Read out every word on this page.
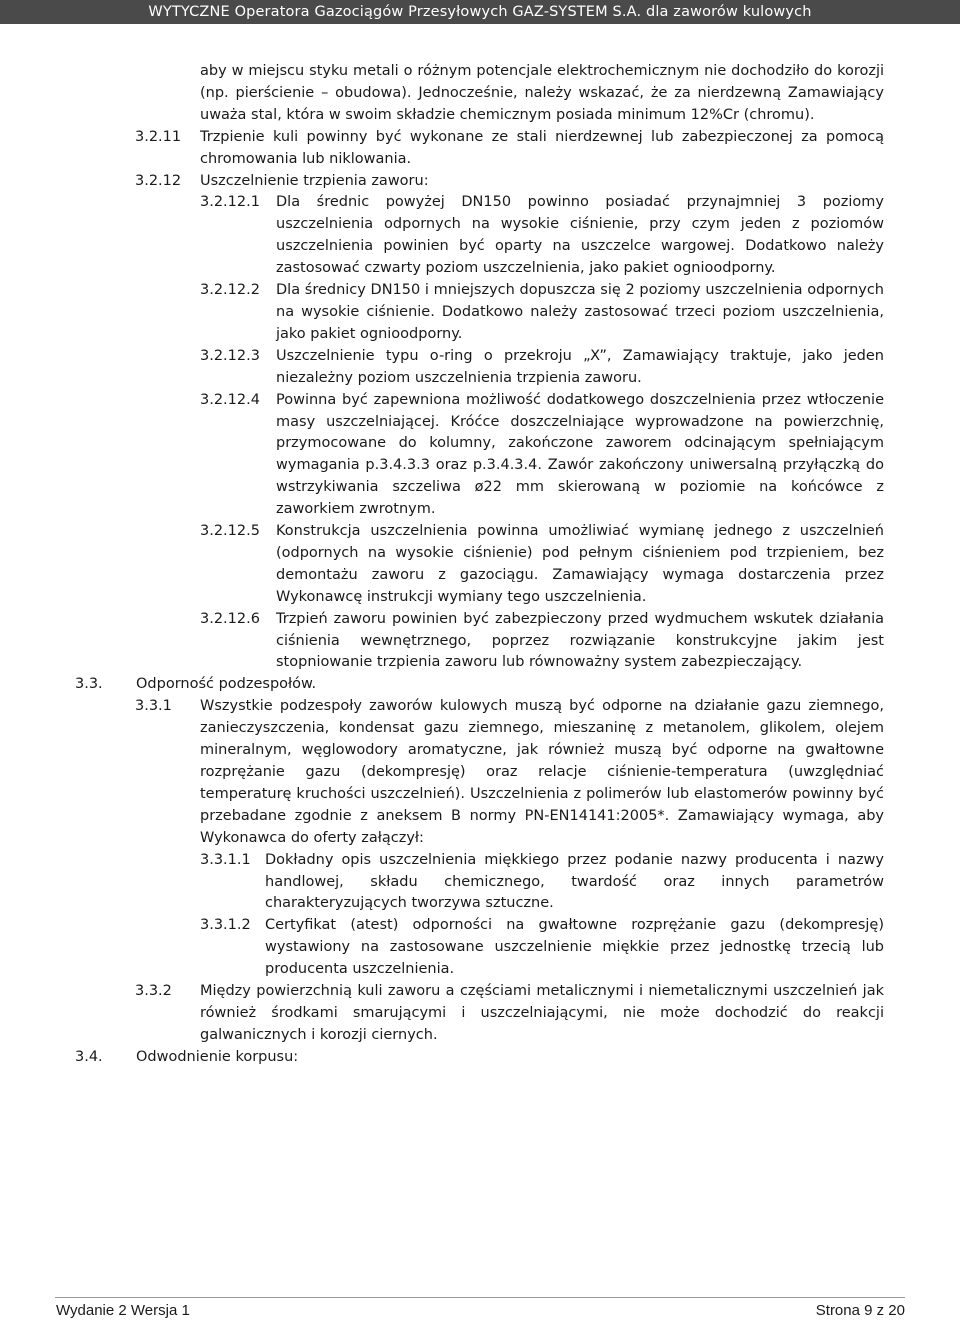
WYTYCZNE Operatora Gazociągów Przesyłowych GAZ-SYSTEM S.A. dla zaworów kulowych
aby w miejscu styku metali o różnym potencjale elektrochemicznym nie dochodziło do korozji (np. pierścienie – obudowa). Jednocześnie, należy wskazać, że za nierdzewną Zamawiający uważa stal, która w swoim składzie chemicznym posiada minimum 12%Cr (chromu).
3.2.11 Trzpienie kuli powinny być wykonane ze stali nierdzewnej lub zabezpieczonej za pomocą chromowania lub niklowania.
3.2.12 Uszczelnienie trzpienia zaworu:
3.2.12.1 Dla średnic powyżej DN150 powinno posiadać przynajmniej 3 poziomy uszczelnienia odpornych na wysokie ciśnienie, przy czym jeden z poziomów uszczelnienia powinien być oparty na uszczelce wargowej. Dodatkowo należy zastosować czwarty poziom uszczelnienia, jako pakiet ognioodporny.
3.2.12.2 Dla średnicy DN150 i mniejszych dopuszcza się 2 poziomy uszczelnienia odpornych na wysokie ciśnienie. Dodatkowo należy zastosować trzeci poziom uszczelnienia, jako pakiet ognioodporny.
3.2.12.3 Uszczelnienie typu o-ring o przekroju „X”, Zamawiający traktuje, jako jeden niezależny poziom uszczelnienia trzpienia zaworu.
3.2.12.4 Powinna być zapewniona możliwość dodatkowego doszczelnienia przez wtłoczenie masy uszczelniającej. Króćce doszczelniające wyprowadzone na powierzchnię, przymocowane do kolumny, zakończone zaworem odcinającym spełniającym wymagania p.3.4.3.3 oraz p.3.4.3.4. Zawór zakończony uniwersalną przyłączką do wstrzykiwania szczeliwa ø22 mm skierowaną w poziomie na końcówce z zaworkiem zwrotnym.
3.2.12.5 Konstrukcja uszczelnienia powinna umożliwiać wymianę jednego z uszczelnień (odpornych na wysokie ciśnienie) pod pełnym ciśnieniem pod trzpieniem, bez demontażu zaworu z gazociągu. Zamawiający wymaga dostarczenia przez Wykonawcę instrukcji wymiany tego uszczelnienia.
3.2.12.6 Trzpień zaworu powinien być zabezpieczony przed wydmuchem wskutek działania ciśnienia wewnętrznego, poprzez rozwiązanie konstrukcyjne jakim jest stopniowanie trzpienia zaworu lub równoważny system zabezpieczający.
3.3. Odporność podzespołów.
3.3.1 Wszystkie podzespoły zaworów kulowych muszą być odporne na działanie gazu ziemnego, zanieczyszczenia, kondensat gazu ziemnego, mieszaninę z metanolem, glikolem, olejem mineralnym, węglowodory aromatyczne, jak również muszą być odporne na gwałtowne rozprężanie gazu (dekompresję) oraz relacje ciśnienie-temperatura (uwzględniać temperaturę kruchości uszczelnień). Uszczelnienia z polimerów lub elastomerów powinny być przebadane zgodnie z aneksem B normy PN-EN14141:2005*. Zamawiający wymaga, aby Wykonawca do oferty załączył:
3.3.1.1 Dokładny opis uszczelnienia miękkiego przez podanie nazwy producenta i nazwy handlowej, składu chemicznego, twardość oraz innych parametrów charakteryzujących tworzywa sztuczne.
3.3.1.2 Certyfikat (atest) odporności na gwałtowne rozprężanie gazu (dekompresję) wystawiony na zastosowane uszczelnienie miękkie przez jednostkę trzecią lub producenta uszczelnienia.
3.3.2 Między powierzchnią kuli zaworu a częściami metalicznymi i niemetalicznymi uszczelnień jak również środkami smarującymi i uszczelniającymi, nie może dochodzić do reakcji galwanicznych i korozji ciernych.
3.4. Odwodnienie korpusu:
Wydanie 2 Wersja 1	Strona 9 z 20
